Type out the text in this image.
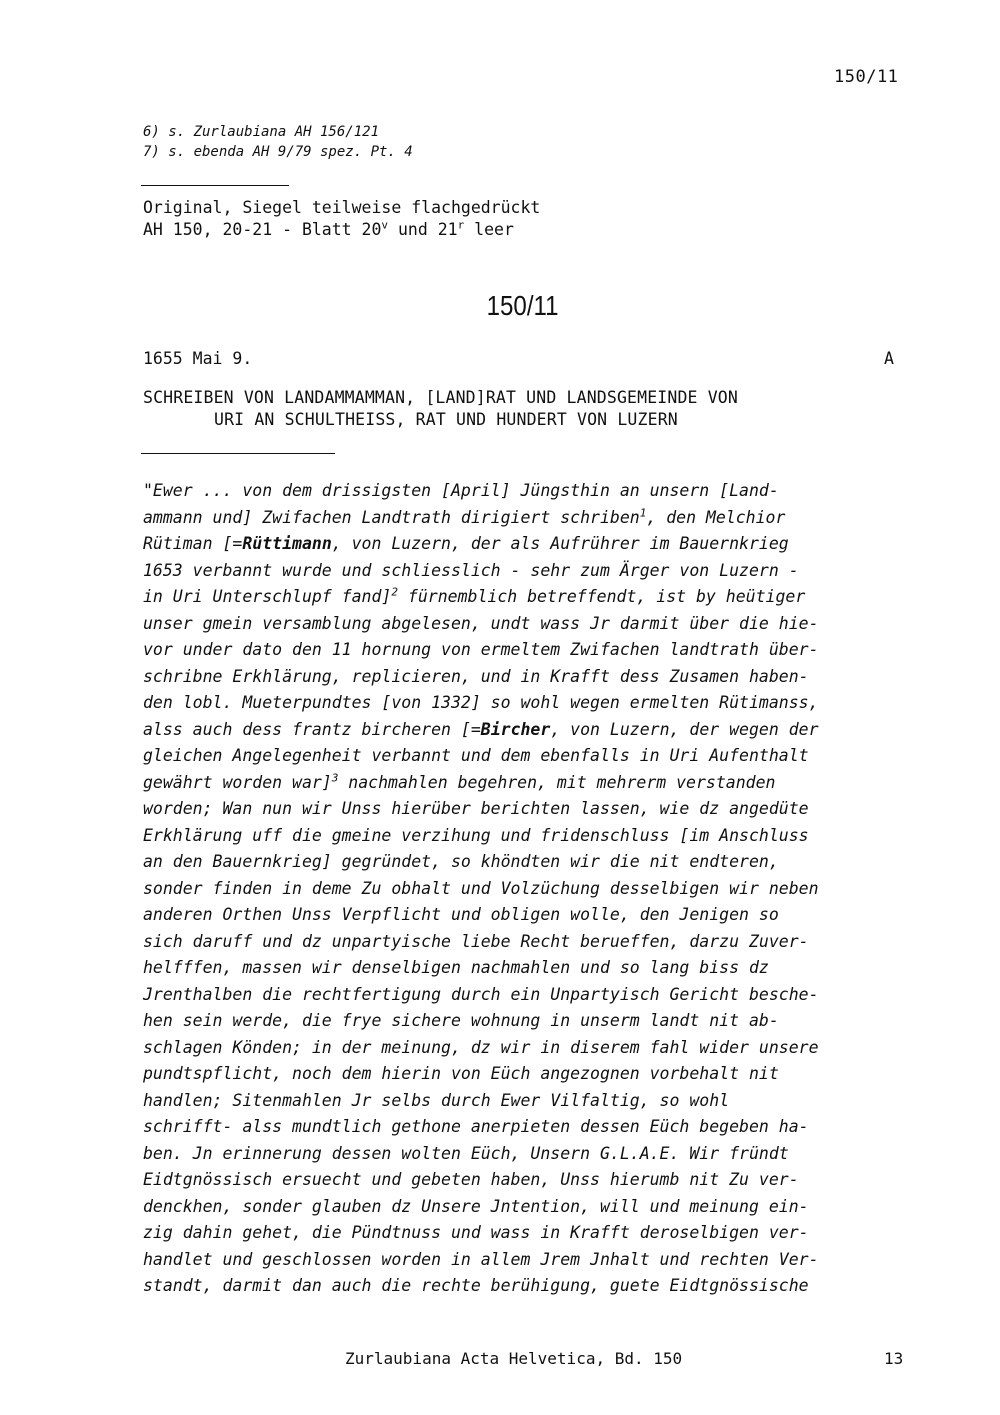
150/11
6) s. Zurlaubiana AH 156/121
7) s. ebenda AH 9/79 spez. Pt. 4
Original, Siegel teilweise flachgedrückt
AH 150, 20-21 - Blatt 20$^v$ und 21$^r$ leer
150/11
1655 Mai 9.	A
SCHREIBEN VON LANDAMMAMMAN, [LAND]RAT UND LANDSGEMEINDE VON
URI AN SCHULTHEISS, RAT UND HUNDERT VON LUZERN
"Ewer ... von dem drissigsten [April] Jüngsthin an unsern [Land-
ammann und] Zwifachen Landtrath dirigiert schriben$^1$, den Melchior
Rütiman [=Rüttimann, von Luzern, der als Aufrührer im Bauernkrieg
1653 verbannt wurde und schliesslich - sehr zum Ärger von Luzern -
in Uri Unterschlupf fand]$^2$ fürnemblich betreffendt, ist by heütiger
unser gmein versamblung abgelesen, undt wass Jr darmit über die hie-
vor under dato den 11 hornung von ermeltem Zwifachen landtrath über-
schribne Erkhlärung, replicieren, und in Krafft dess Zusamen haben-
den lobl. Mueterpundtes [von 1332] so wohl wegen ermelten Rütimanss,
alss auch dess frantz bircheren [=Bircher, von Luzern, der wegen der
gleichen Angelegenheit verbannt und dem ebenfalls in Uri Aufenthalt
gewährt worden war]$^3$ nachmahlen begehren, mit mehrerm verstanden
worden; Wan nun wir Unss hierüber berichten lassen, wie dz angedüte
Erkhlärung uff die gmeine verzihung und fridenschluss [im Anschluss
an den Bauernkrieg] gegründet, so khöndten wir die nit endteren,
sonder finden in deme Zu obhalt und Volzüchung desselbigen wir neben
anderen Orthen Unss Verpflicht und obligen wolle, den Jenigen so
sich daruff und dz unpartyische liebe Recht berueffen, darzu Zuver-
helfffen, massen wir denselbigen nachmahlen und so lang biss dz
Jrenthalben die rechtfertigung durch ein Unpartyisch Gericht besche-
hen sein werde, die frye sichere wohnung in unserm landt nit ab-
schlagen Könden; in der meinung, dz wir in diserem fahl wider unsere
pundtspflicht, noch dem hierin von Eüch angezognen vorbehalt nit
handlen; Sitenmahlen Jr selbs durch Ewer Vilfaltig, so wohl
schrifft- alss mundtlich gethone anerpieten dessen Eüch begeben ha-
ben. Jn erinnerung dessen wolten Eüch, Unsern G.L.A.E. Wir fründt
Eidtgnössisch ersuecht und gebeten haben, Unss hierumb nit Zu ver-
denckhen, sonder glauben dz Unsere Jntention, will und meinung ein-
zig dahin gehet, die Pündtnuss und wass in Krafft deroselbigen ver-
handlet und geschlossen worden in allem Jrem Jnhalt und rechten Ver-
standt, darmit dan auch die rechte berühigung, guete Eidtgnössische
Zurlaubiana Acta Helvetica, Bd. 150	13
